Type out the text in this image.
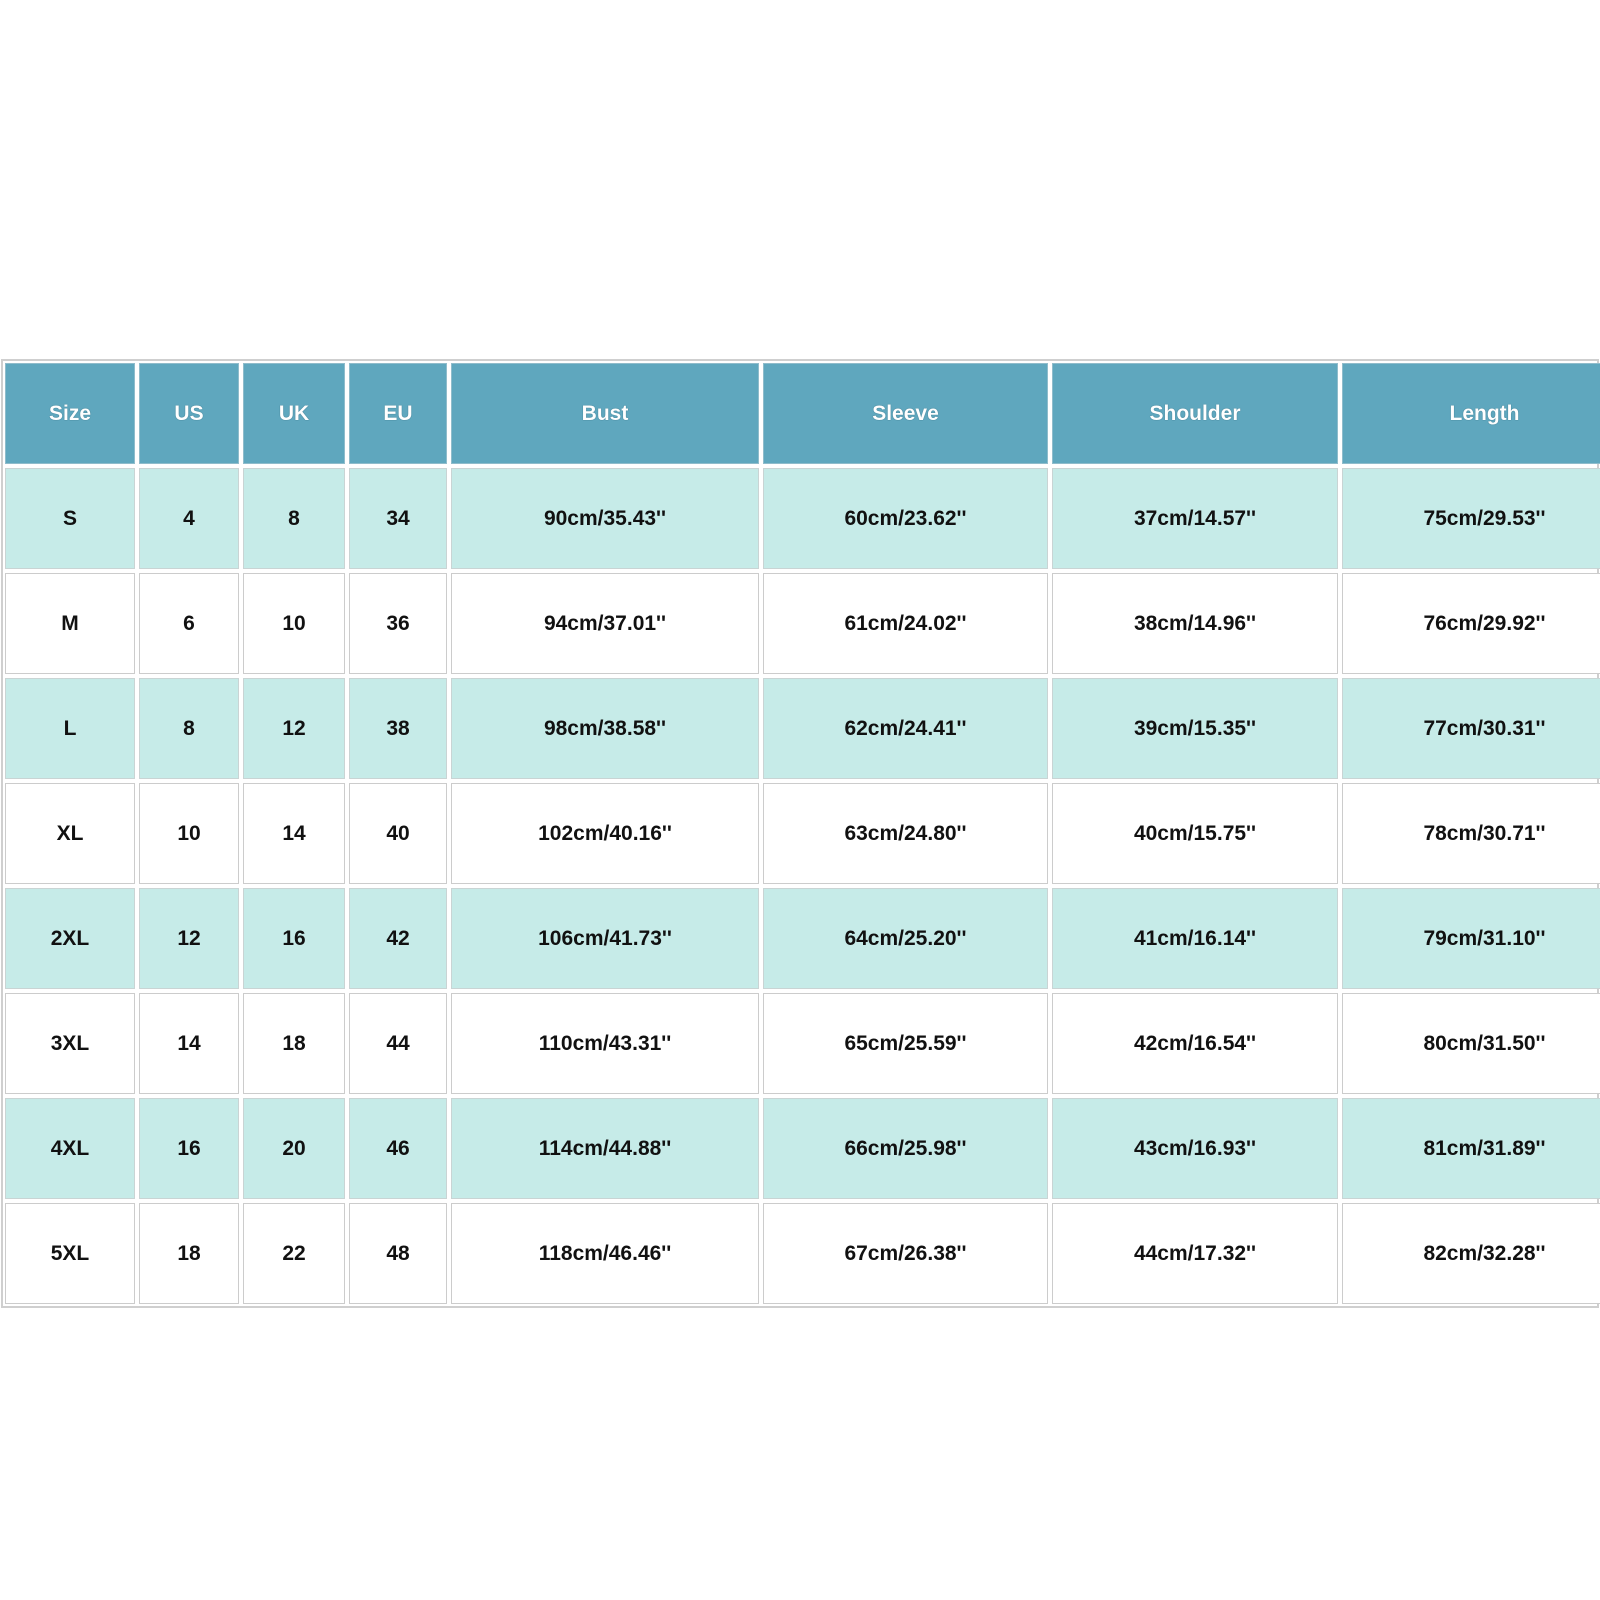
Size	US	UK	EU	Bust	Sleeve	Shoulder	Length
S	4	8	34	90cm/35.43''	60cm/23.62''	37cm/14.57''	75cm/29.53''
M	6	10	36	94cm/37.01''	61cm/24.02''	38cm/14.96''	76cm/29.92''
L	8	12	38	98cm/38.58''	62cm/24.41''	39cm/15.35''	77cm/30.31''
XL	10	14	40	102cm/40.16''	63cm/24.80''	40cm/15.75''	78cm/30.71''
2XL	12	16	42	106cm/41.73''	64cm/25.20''	41cm/16.14''	79cm/31.10''
3XL	14	18	44	110cm/43.31''	65cm/25.59''	42cm/16.54''	80cm/31.50''
4XL	16	20	46	114cm/44.88''	66cm/25.98''	43cm/16.93''	81cm/31.89''
5XL	18	22	48	118cm/46.46''	67cm/26.38''	44cm/17.32''	82cm/32.28''
